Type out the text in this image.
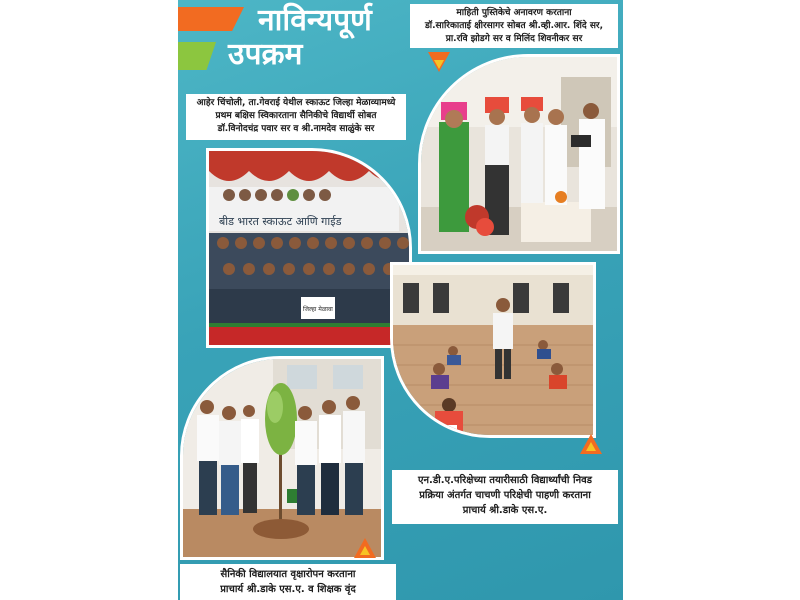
नाविन्यपूर्ण
उपक्रम
माहिती पुस्तिकेचे अनावरण करताना
डॉ.सारिकाताई क्षीरसागर सोबत श्री.व्ही.आर. शिंदे सर,
प्रा.रवि झोडगे सर व मिलिंद शिवनीकर सर
आहेर चिंचोली, ता.गेवराई येथील स्काऊट जिल्हा मेळाव्यामध्ये
प्रथम बक्षिस स्विकारताना सैनिकीचे विद्यार्थी सोबत
डॉ.विनोदचंद्र पवार सर व श्री.नामदेव साळुंके सर
बीड भारत स्काऊट आणि गाईड
जिल्हा मेळावा
एन.डी.ए.परिक्षेच्या तयारीसाठी विद्यार्थ्यांची निवड
प्रक्रिया अंतर्गत चाचणी परिक्षेची पाहणी करताना
प्राचार्य श्री.डाके एस.ए.
सैनिकी विद्यालयात वृक्षारोपन करताना
प्राचार्य श्री.डाके एस.ए. व शिक्षक वृंद
